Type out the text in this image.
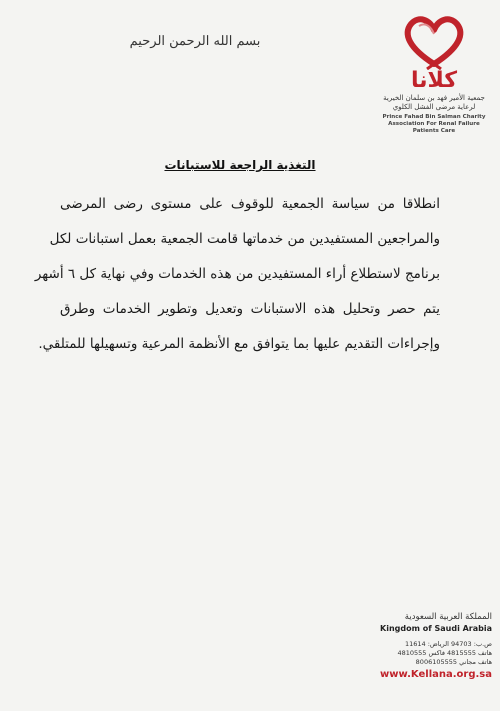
بسم الله الرحمن الرحيم
كلانا
جمعية الأمير فهد بن سلمان الخيرية
لرعاية مرضى الفشل الكلوي
Prince Fahad Bin Salman Charity
Association For Renal Failure Patients Care
التغذية الراجعة للاستبانات
انطلاقا من سياسة الجمعية للوقوف على مستوى رضى المرضى
والمراجعين المستفيدين من خدماتها قامت الجمعية بعمل استبانات لكل
برنامج لاستطلاع أراء المستفيدين من هذه الخدمات وفي نهاية كل ٦ أشهر
يتم حصر وتحليل هذه الاستبانات وتعديل وتطوير الخدمات وطرق
وإجراءات التقديم عليها بما يتوافق مع الأنظمة المرعية وتسهيلها للمتلقي.
المملكة العربية السعودية
Kingdom of Saudi Arabia
ص.ب: 94703 الرياض: 11614
هاتف 4815555 فاكس 4810555
هاتف مجاني 8006105555
www.Kellana.org.sa
